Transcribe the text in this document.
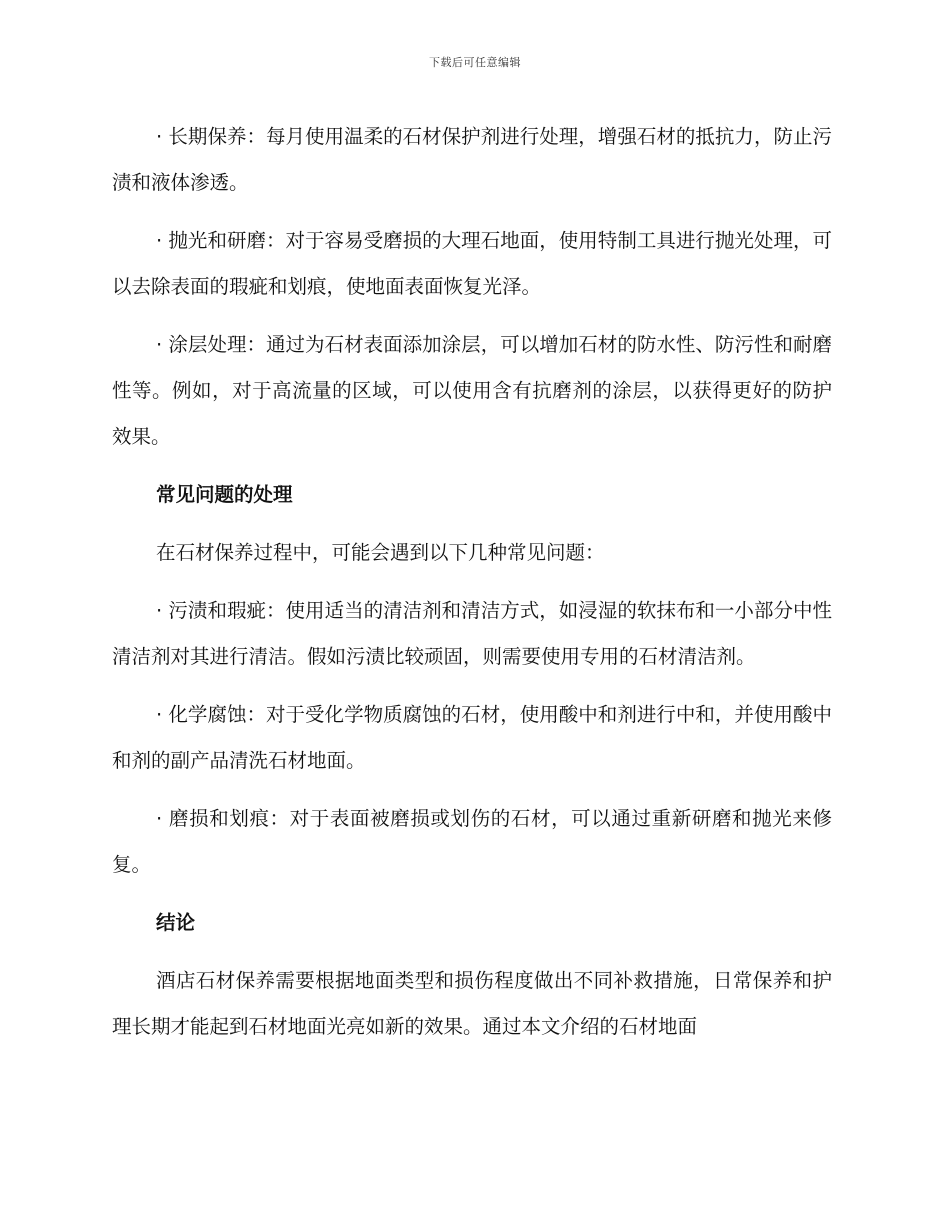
下载后可任意编辑

· 长期保养：每月使用温柔的石材保护剂进行处理，增强石材的抵抗力，防止污渍和液体渗透。

· 抛光和研磨：对于容易受磨损的大理石地面，使用特制工具进行抛光处理，可以去除表面的瑕疵和划痕，使地面表面恢复光泽。

· 涂层处理：通过为石材表面添加涂层，可以增加石材的防水性、防污性和耐磨性等。例如，对于高流量的区域，可以使用含有抗磨剂的涂层，以获得更好的防护效果。

常见问题的处理

在石材保养过程中，可能会遇到以下几种常见问题：

· 污渍和瑕疵：使用适当的清洁剂和清洁方式，如浸湿的软抹布和一小部分中性清洁剂对其进行清洁。假如污渍比较顽固，则需要使用专用的石材清洁剂。

· 化学腐蚀：对于受化学物质腐蚀的石材，使用酸中和剂进行中和，并使用酸中和剂的副产品清洗石材地面。

· 磨损和划痕：对于表面被磨损或划伤的石材，可以通过重新研磨和抛光来修复。

结论

酒店石材保养需要根据地面类型和损伤程度做出不同补救措施，日常保养和护理长期才能起到石材地面光亮如新的效果。通过本文介绍的石材地面
